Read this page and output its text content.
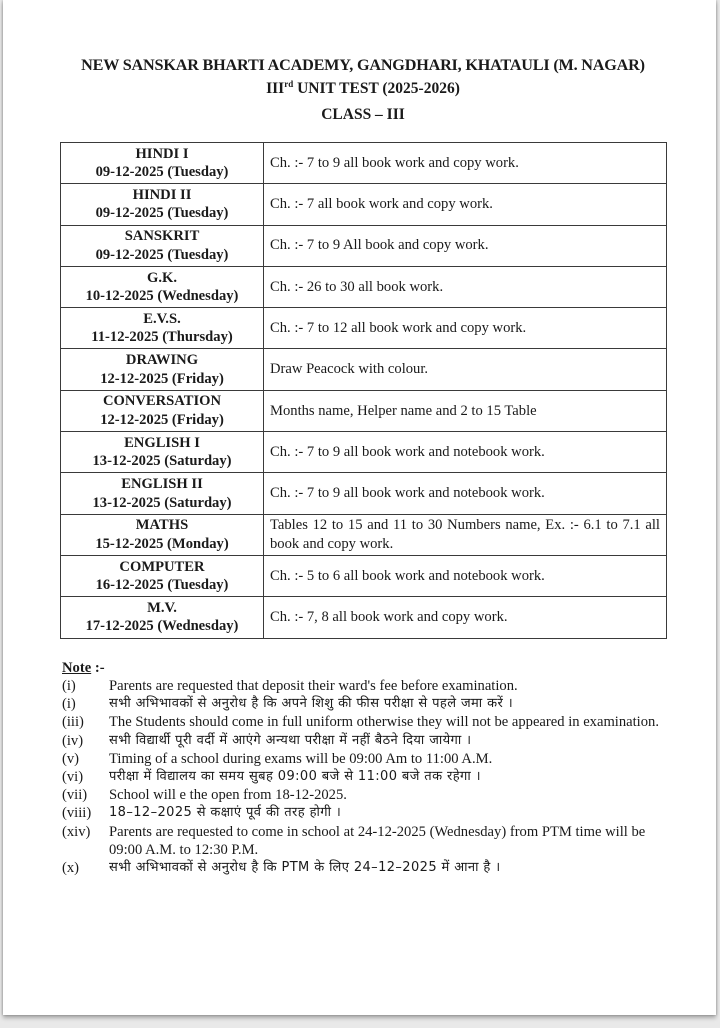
NEW SANSKAR BHARTI ACADEMY, GANGDHARI, KHATAULI (M. NAGAR)
IIIrd UNIT TEST (2025-2026)
CLASS – III
HINDI I
09-12-2025 (Tuesday)	Ch. :- 7 to 9 all book work and copy work.

HINDI II
09-12-2025 (Tuesday)	Ch. :- 7 all book work and copy work.

SANSKRIT
09-12-2025 (Tuesday)	Ch. :- 7 to 9 All book and copy work.

G.K.
10-12-2025 (Wednesday)	Ch. :- 26 to 30 all book work.

E.V.S.
11-12-2025 (Thursday)	Ch. :- 7 to 12 all book work and copy work.

DRAWING
12-12-2025 (Friday)	Draw Peacock with colour.

CONVERSATION
12-12-2025 (Friday)	Months name, Helper name and 2 to 15 Table

ENGLISH I
13-12-2025 (Saturday)	Ch. :- 7 to 9 all book work and notebook work.

ENGLISH II
13-12-2025 (Saturday)	Ch. :- 7 to 9 all book work and notebook work.

MATHS
15-12-2025 (Monday)	Tables 12 to 15 and 11 to 30 Numbers name, Ex. :- 6.1 to 7.1 all book and copy work.

COMPUTER
16-12-2025 (Tuesday)	Ch. :- 5 to 6 all book work and notebook work.

M.V.
17-12-2025 (Wednesday)	Ch. :- 7, 8 all book work and copy work.
Note :-
(i)	Parents are requested that deposit their ward's fee before examination.
(i)	सभी अभिभावकों से अनुरोध है कि अपने शिशु की फीस परीक्षा से पहले जमा करें ।
(iii)	The Students should come in full uniform otherwise they will not be appeared in examination.
(iv)	सभी विद्यार्थी पूरी वर्दी में आएंगे अन्यथा परीक्षा में नहीं बैठने दिया जायेगा ।
(v)	Timing of a school during exams will be 09:00 Am to 11:00 A.M.
(vi)	परीक्षा में विद्यालय का समय सुबह 09:00 बजे से 11:00 बजे तक रहेगा ।
(vii)	School will e the open from 18-12-2025.
(viii)	18–12–2025 से कक्षाएं पूर्व की तरह होगी ।
(xiv)	Parents are requested to come in school at 24-12-2025 (Wednesday) from PTM time will be 09:00 A.M. to 12:30 P.M.
(x)	सभी अभिभावकों से अनुरोध है कि PTM के लिए 24–12–2025 में आना है ।
